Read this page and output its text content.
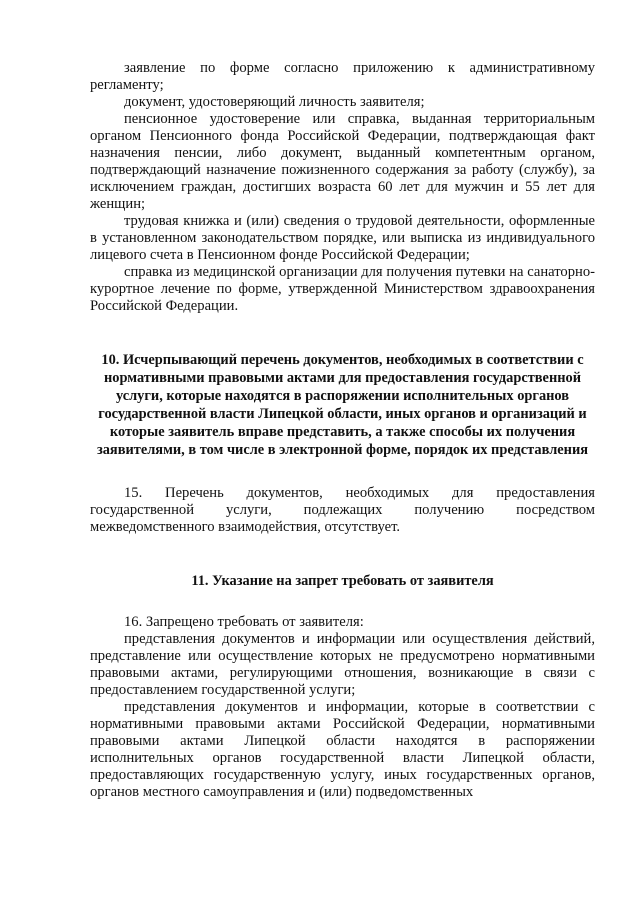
заявление по форме согласно приложению к административному регламенту;

документ, удостоверяющий личность заявителя;

пенсионное удостоверение или справка, выданная территориальным органом Пенсионного фонда Российской Федерации, подтверждающая факт назначения пенсии, либо документ, выданный компетентным органом, подтверждающий назначение пожизненного содержания за работу (службу), за исключением граждан, достигших возраста 60 лет для мужчин и 55 лет для женщин;

трудовая книжка и (или) сведения о трудовой деятельности, оформленные в установленном законодательством порядке, или выписка из индивидуального лицевого счета в Пенсионном фонде Российской Федерации;

справка из медицинской организации для получения путевки на санаторно-курортное лечение по форме, утвержденной Министерством здравоохранения Российской Федерации.

10. Исчерпывающий перечень документов, необходимых в соответствии с нормативными правовыми актами для предоставления государственной услуги, которые находятся в распоряжении исполнительных органов государственной власти Липецкой области, иных органов и организаций и которые заявитель вправе представить, а также способы их получения заявителями, в том числе в электронной форме, порядок их представления

15. Перечень документов, необходимых для предоставления государственной услуги, подлежащих получению посредством межведомственного взаимодействия, отсутствует.

11. Указание на запрет требовать от заявителя

16. Запрещено требовать от заявителя:

представления документов и информации или осуществления действий, представление или осуществление которых не предусмотрено нормативными правовыми актами, регулирующими отношения, возникающие в связи с предоставлением государственной услуги;

представления документов и информации, которые в соответствии с нормативными правовыми актами Российской Федерации, нормативными правовыми актами Липецкой области находятся в распоряжении исполнительных органов государственной власти Липецкой области, предоставляющих государственную услугу, иных государственных органов, органов местного самоуправления и (или) подведомственных
